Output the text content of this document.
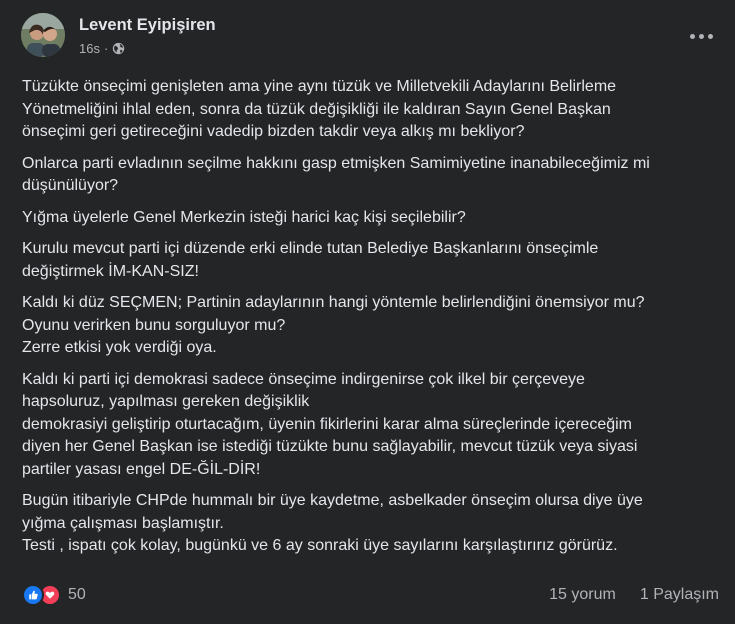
Levent Eyipişiren
16s ·
Tüzükte önseçimi genişleten ama yine aynı tüzük ve Milletvekili Adaylarını Belirleme
Yönetmeliğini ihlal eden, sonra da tüzük değişikliği ile kaldıran Sayın Genel Başkan
önseçimi geri getireceğini vadedip bizden takdir veya alkış mı bekliyor?
Onlarca parti evladının seçilme hakkını gasp etmişken Samimiyetine inanabileceğimiz mi
düşünülüyor?
Yığma üyelerle Genel Merkezin isteği harici kaç kişi seçilebilir?
Kurulu mevcut parti içi düzende erki elinde tutan Belediye Başkanlarını önseçimle
değiştirmek İM-KAN-SIZ!
Kaldı ki düz SEÇMEN; Partinin adaylarının hangi yöntemle belirlendiğini önemsiyor mu?
Oyunu verirken bunu sorguluyor mu?
Zerre etkisi yok verdiği oya.
Kaldı ki parti içi demokrasi sadece önseçime indirgenirse çok ilkel bir çerçeveye
hapsoluruz, yapılması gereken değişiklik
demokrasiyi geliştirip oturtacağım, üyenin fikirlerini karar alma süreçlerinde içereceğim
diyen her Genel Başkan ise istediği tüzükte bunu sağlayabilir, mevcut tüzük veya siyasi
partiler yasası engel DE-ĞİL-DİR!
Bugün itibariyle CHPde hummalı bir üye kaydetme, asbelkader önseçim olursa diye üye
yığma çalışması başlamıştır.
Testi , ispatı çok kolay, bugünkü ve 6 ay sonraki üye sayılarını karşılaştırırız görürüz.
50	15 yorum 1 Paylaşım
